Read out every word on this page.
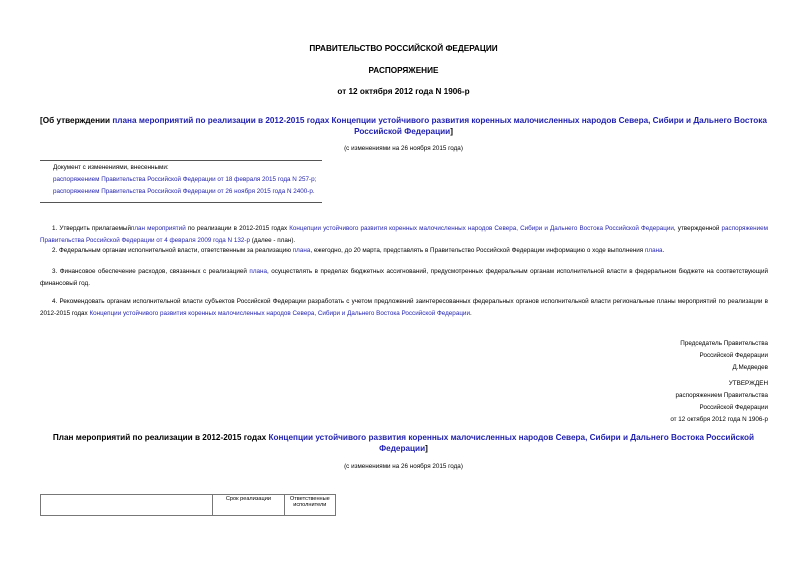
ПРАВИТЕЛЬСТВО РОССИЙСКОЙ ФЕДЕРАЦИИ
РАСПОРЯЖЕНИЕ
от 12 октября 2012 года N 1906-р
[Об утверждении плана мероприятий по реализации в 2012-2015 годах Концепции устойчивого развития коренных малочисленных народов Севера, Сибири и Дальнего Востока Российской Федерации]
(с изменениями на 26 ноября 2015 года)
Документ с изменениями, внесенными:
распоряжением Правительства Российской Федерации от 18 февраля 2015 года N 257-р;
распоряжением Правительства Российской Федерации от 26 ноября 2015 года N 2400-р.
1. Утвердить прилагаемыйплан мероприятий по реализации в 2012-2015 годах Концепции устойчивого развития коренных малочисленных народов Севера, Сибири и Дальнего Востока Российской Федерации, утвержденной распоряжением Правительства Российской Федерации от 4 февраля 2009 года N 132-р (далее - план).
2. Федеральным органам исполнительной власти, ответственным за реализацию плана, ежегодно, до 20 марта, представлять в Правительство Российской Федерации информацию о ходе выполнения плана.
3. Финансовое обеспечение расходов, связанных с реализацией плана, осуществлять в пределах бюджетных ассигнований, предусмотренных федеральным органам исполнительной власти в федеральном бюджете на соответствующий финансовый год.
4. Рекомендовать органам исполнительной власти субъектов Российской Федерации разработать с учетом предложений заинтересованных федеральных органов исполнительной власти региональные планы мероприятий по реализации в 2012-2015 годах Концепции устойчивого развития коренных малочисленных народов Севера, Сибири и Дальнего Востока Российской Федерации.
Председатель Правительства
Российской Федерации
Д.Медведев
УТВЕРЖДЕН
распоряжением Правительства
Российской Федерации
от 12 октября 2012 года N 1906-р
План мероприятий по реализации в 2012-2015 годах Концепции устойчивого развития коренных малочисленных народов Севера, Сибири и Дальнего Востока Российской Федерации]
(с изменениями на 26 ноября 2015 года)
	Срок реализации	Ответственные исполнители
